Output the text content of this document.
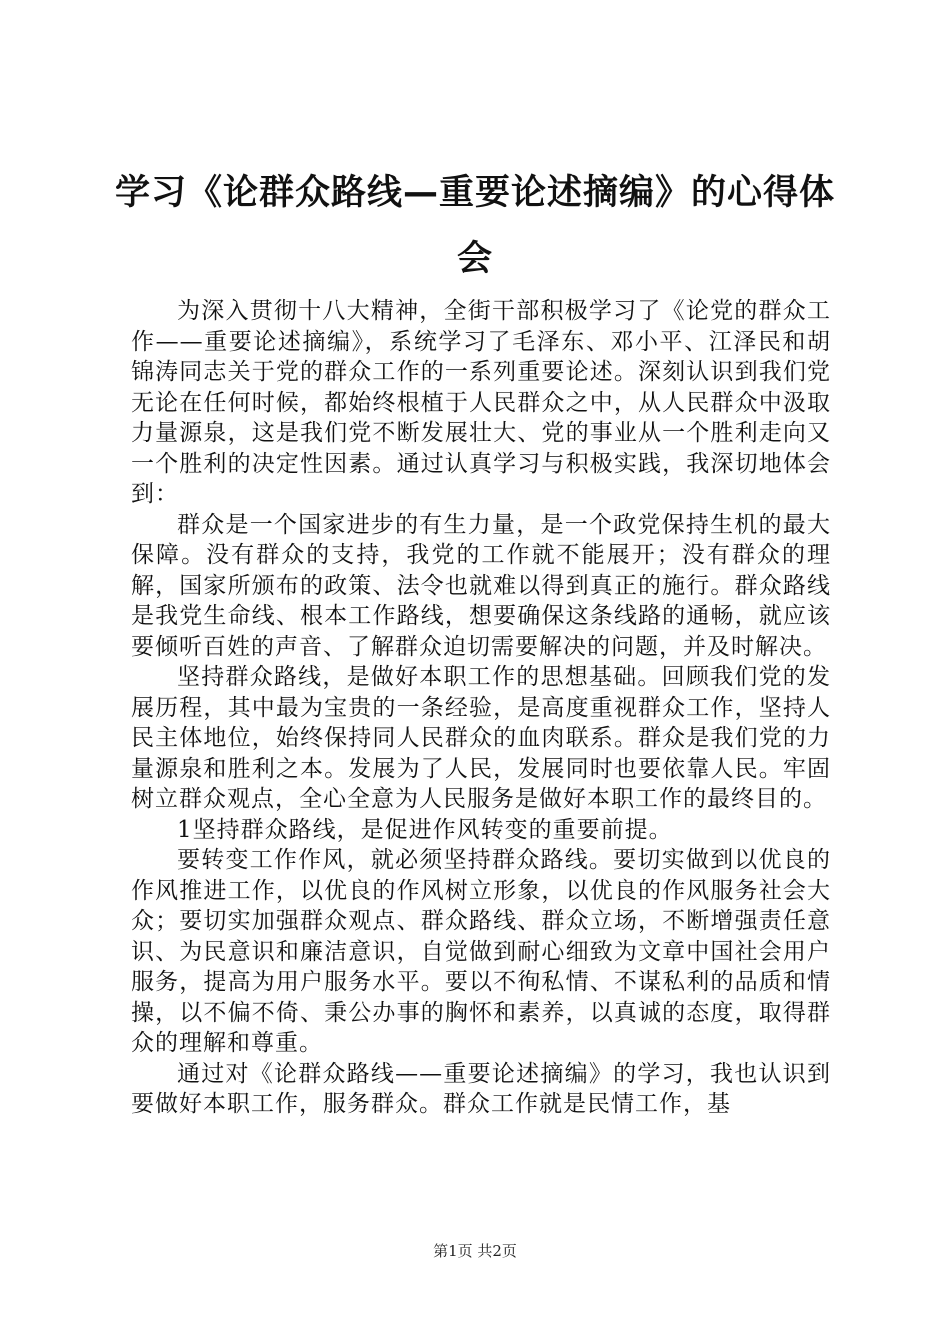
学习《论群众路线—重要论述摘编》的心得体会

为深入贯彻十八大精神，全街干部积极学习了《论党的群众工作——重要论述摘编》，系统学习了毛泽东、邓小平、江泽民和胡锦涛同志关于党的群众工作的一系列重要论述。深刻认识到我们党无论在任何时候，都始终根植于人民群众之中，从人民群众中汲取力量源泉，这是我们党不断发展壮大、党的事业从一个胜利走向又一个胜利的决定性因素。通过认真学习与积极实践，我深切地体会到：

群众是一个国家进步的有生力量，是一个政党保持生机的最大保障。没有群众的支持，我党的工作就不能展开；没有群众的理解，国家所颁布的政策、法令也就难以得到真正的施行。群众路线是我党生命线、根本工作路线，想要确保这条线路的通畅，就应该要倾听百姓的声音、了解群众迫切需要解决的问题，并及时解决。

坚持群众路线，是做好本职工作的思想基础。回顾我们党的发展历程，其中最为宝贵的一条经验，是高度重视群众工作，坚持人民主体地位，始终保持同人民群众的血肉联系。群众是我们党的力量源泉和胜利之本。发展为了人民，发展同时也要依靠人民。牢固树立群众观点，全心全意为人民服务是做好本职工作的最终目的。

1坚持群众路线，是促进作风转变的重要前提。

要转变工作作风，就必须坚持群众路线。要切实做到以优良的作风推进工作，以优良的作风树立形象，以优良的作风服务社会大众；要切实加强群众观点、群众路线、群众立场，不断增强责任意识、为民意识和廉洁意识，自觉做到耐心细致为文章中国社会用户服务，提高为用户服务水平。要以不徇私情、不谋私利的品质和情操，以不偏不倚、秉公办事的胸怀和素养，以真诚的态度，取得群众的理解和尊重。

通过对《论群众路线——重要论述摘编》的学习，我也认识到要做好本职工作，服务群众。群众工作就是民情工作，基

第1页 共2页
